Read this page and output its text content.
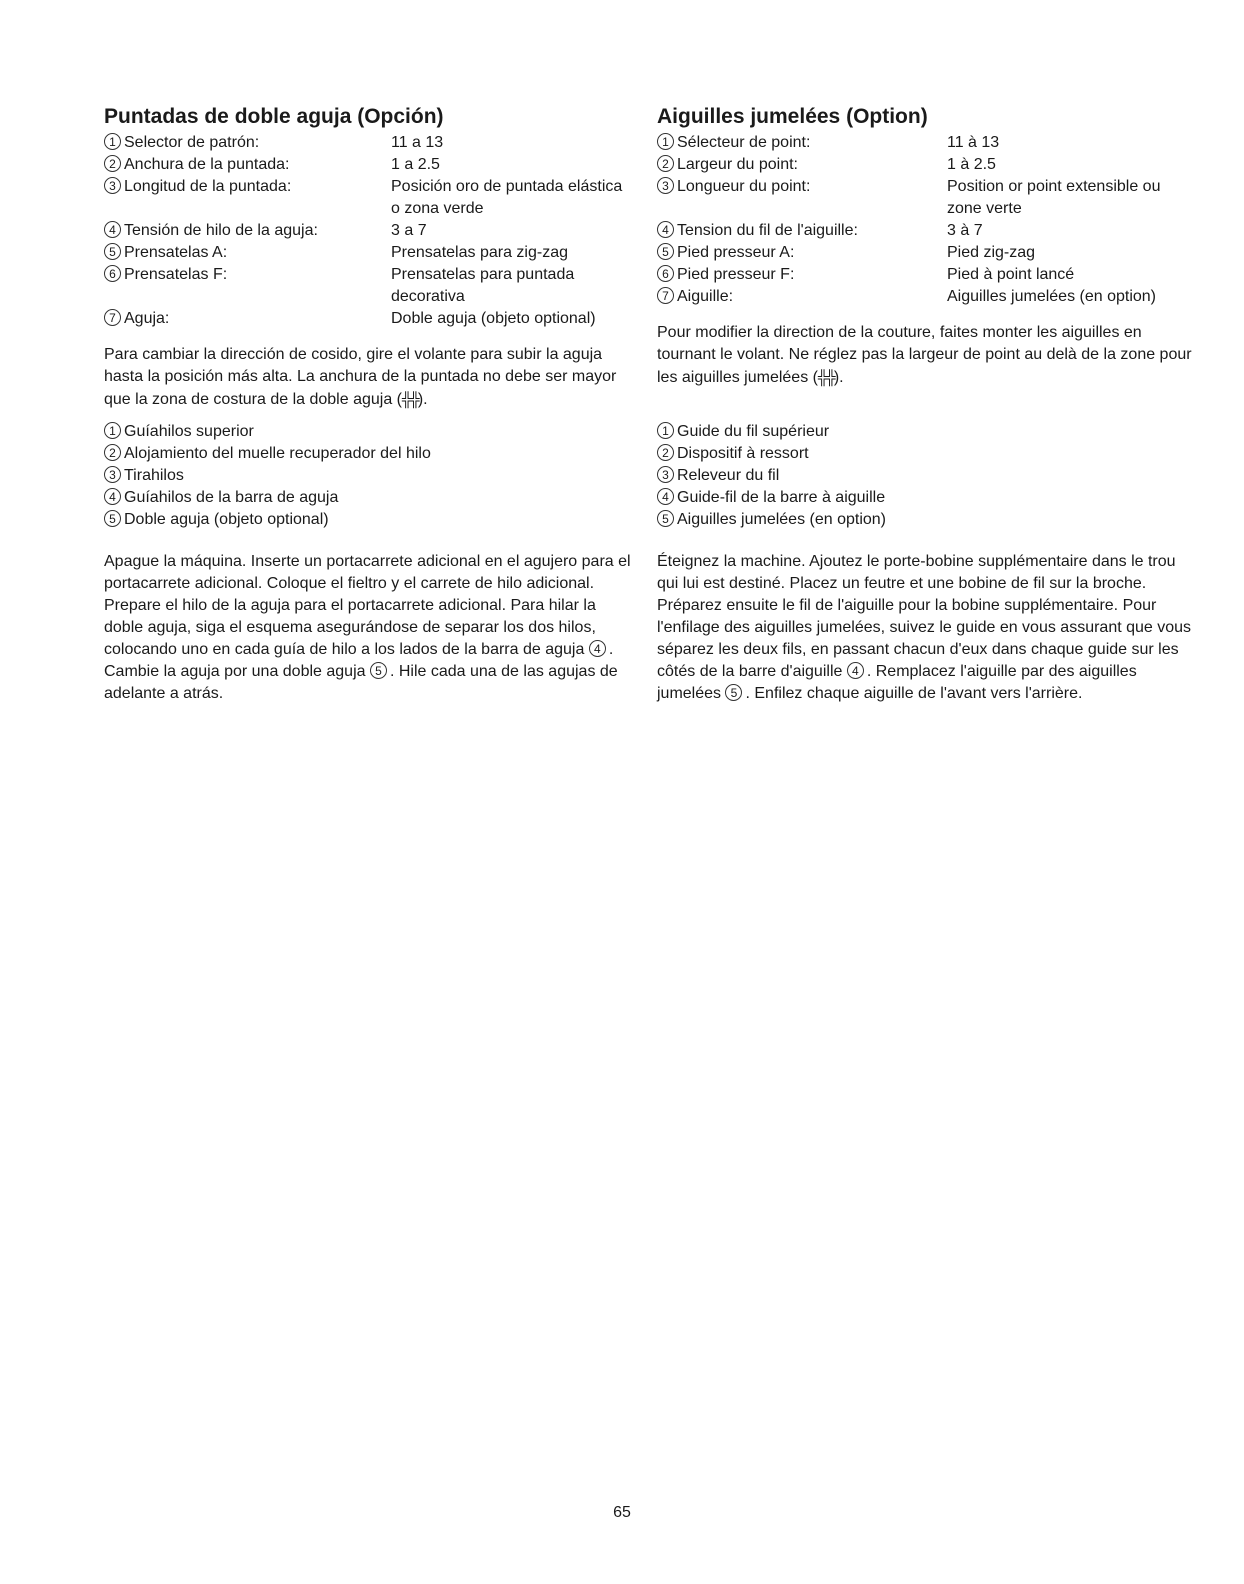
Puntadas de doble aguja (Opción)
1 Selector de patrón:	11 a 13
2 Anchura de la puntada:	1 a 2.5
3 Longitud de la puntada:	Posición oro de puntada elástica o zona verde
4 Tensión de hilo de la aguja:	3 a 7
5 Prensatelas A:	Prensatelas para zig-zag
6 Prensatelas F:	Prensatelas para puntada decorativa
7 Aguja:	Doble aguja (objeto optional)

Para cambiar la dirección de cosido, gire el volante para subir la aguja hasta la posición más alta. La anchura de la puntada no debe ser mayor que la zona de costura de la doble aguja (╬╬).

1 Guíahilos superior
2 Alojamiento del muelle recuperador del hilo
3 Tirahilos
4 Guíahilos de la barra de aguja
5 Doble aguja (objeto optional)

Apague la máquina. Inserte un portacarrete adicional en el agujero para el portacarrete adicional. Coloque el fieltro y el carrete de hilo adicional. Prepare el hilo de la aguja para el portacarrete adicional. Para hilar la doble aguja, siga el esquema asegurándose de separar los dos hilos, colocando uno en cada guía de hilo a los lados de la barra de aguja 4 . Cambie la aguja por una doble aguja 5 . Hile cada una de las agujas de adelante a atrás.

Aiguilles jumelées (Option)
1 Sélecteur de point:	11 à 13
2 Largeur du point:	1 à 2.5
3 Longueur du point:	Position or point extensible ou zone verte
4 Tension du fil de l'aiguille:	3 à 7
5 Pied presseur A:	Pied zig-zag
6 Pied presseur F:	Pied à point lancé
7 Aiguille:	Aiguilles jumelées (en option)

Pour modifier la direction de la couture, faites monter les aiguilles en tournant le volant. Ne réglez pas la largeur de point au delà de la zone pour les aiguilles jumelées (╬╬).

1 Guide du fil supérieur
2 Dispositif à ressort
3 Releveur du fil
4 Guide-fil de la barre à aiguille
5 Aiguilles jumelées (en option)

Éteignez la machine. Ajoutez le porte-bobine supplémentaire dans le trou qui lui est destiné. Placez un feutre et une bobine de fil sur la broche. Préparez ensuite le fil de l'aiguille pour la bobine supplémentaire. Pour l'enfilage des aiguilles jumelées, suivez le guide en vous assurant que vous séparez les deux fils, en passant chacun d'eux dans chaque guide sur les côtés de la barre d'aiguille 4 . Remplacez l'aiguille par des aiguilles jumelées 5 . Enfilez chaque aiguille de l'avant vers l'arrière.

65
